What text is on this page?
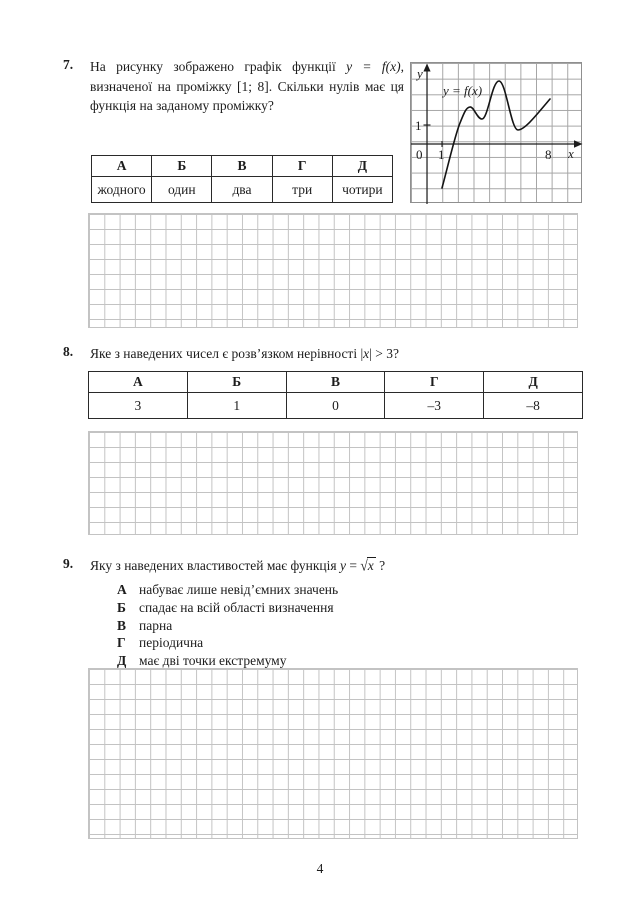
7. На рисунку зображено графік функції y = f(x), визначеної на проміжку [1; 8]. Скільки нулів має ця функція на заданому проміжку?
y
x
0 1	8
1
y = f(x)
А	Б	В	Г	Д
жодного	один	два	три	чотири
8. Яке з наведених чисел є розв’язком нерівності |x| > 3?
А	Б	В	Г	Д
3	1	0	–3	–8
9. Яку з наведених властивостей має функція y = √x ?
А набуває лише невід’ємних значень
Б спадає на всій області визначення
В парна
Г періодична
Д має дві точки екстремуму
4
